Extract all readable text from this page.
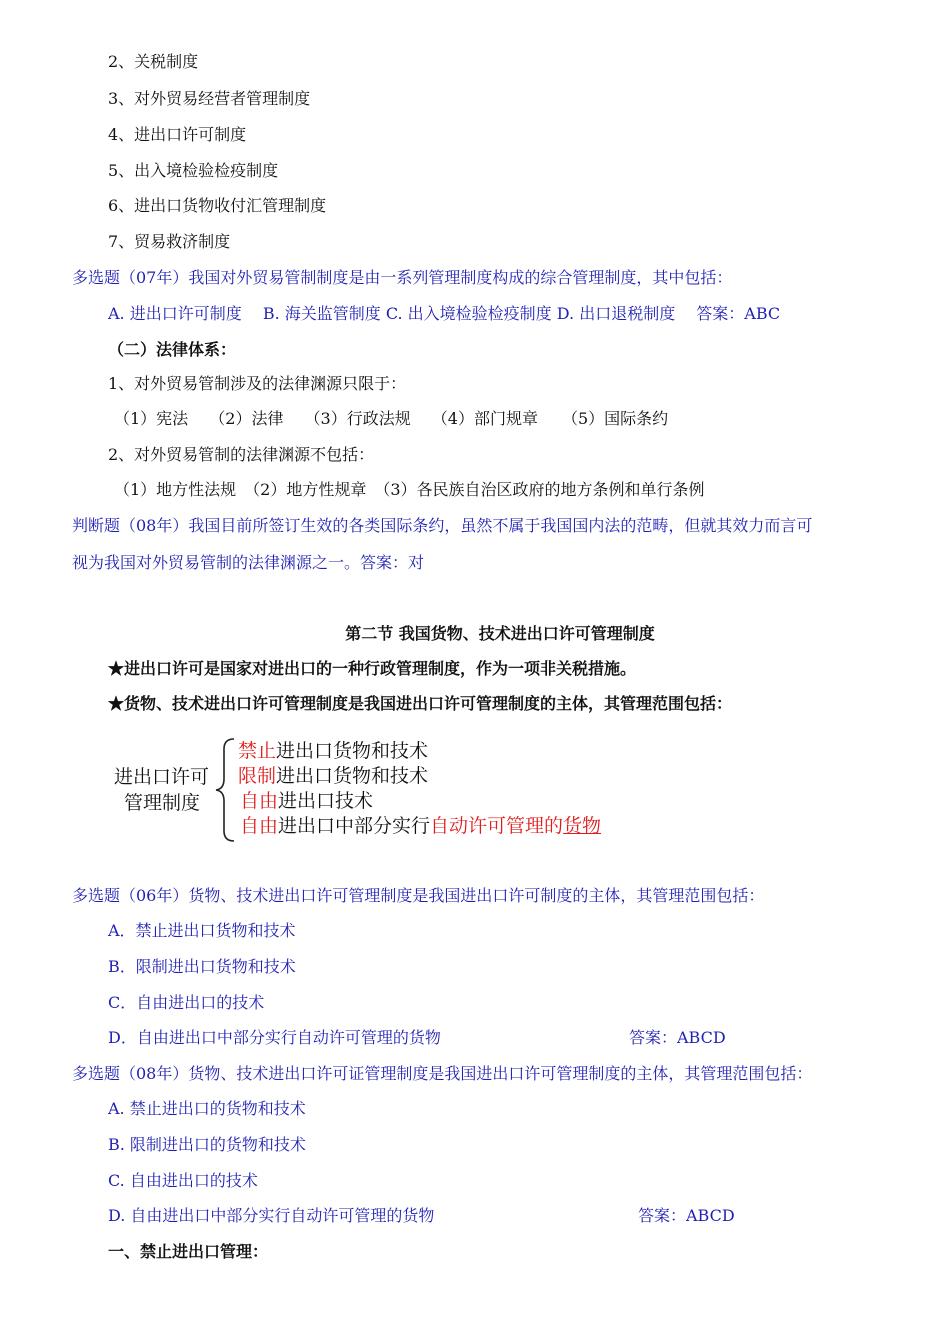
2、关税制度
3、对外贸易经营者管理制度
4、进出口许可制度
5、出入境检验检疫制度
6、进出口货物收付汇管理制度
7、贸易救济制度
多选题（07年）我国对外贸易管制制度是由一系列管理制度构成的综合管理制度，其中包括：
A. 进出口许可制度　 B. 海关监管制度 C. 出入境检验检疫制度 D. 出口退税制度　 答案：ABC
（二）法律体系：
1、对外贸易管制涉及的法律渊源只限于：
（1）宪法　 （2）法律　 （3）行政法规　 （4）部门规章　　（5）国际条约
2、对外贸易管制的法律渊源不包括：
（1）地方性法规　（2）地方性规章　（3）各民族自治区政府的地方条例和单行条例
判断题（08年）我国目前所签订生效的各类国际条约，虽然不属于我国国内法的范畴，但就其效力而言可
视为我国对外贸易管制的法律渊源之一。答案：对
第二节 我国货物、技术进出口许可管理制度
★进出口许可是国家对进出口的一种行政管理制度，作为一项非关税措施。
★货物、技术进出口许可管理制度是我国进出口许可管理制度的主体，其管理范围包括：
进出口许可
管理制度
禁止进出口货物和技术
限制进出口货物和技术
自由进出口技术
自由进出口中部分实行自动许可管理的货物
多选题（06年）货物、技术进出口许可管理制度是我国进出口许可制度的主体，其管理范围包括：
A．禁止进出口货物和技术
B．限制进出口货物和技术
C．自由进出口的技术
D．自由进出口中部分实行自动许可管理的货物	答案：ABCD
多选题（08年）货物、技术进出口许可证管理制度是我国进出口许可管理制度的主体，其管理范围包括：
A. 禁止进出口的货物和技术
B. 限制进出口的货物和技术
C. 自由进出口的技术
D. 自由进出口中部分实行自动许可管理的货物	答案：ABCD
一、禁止进出口管理：
